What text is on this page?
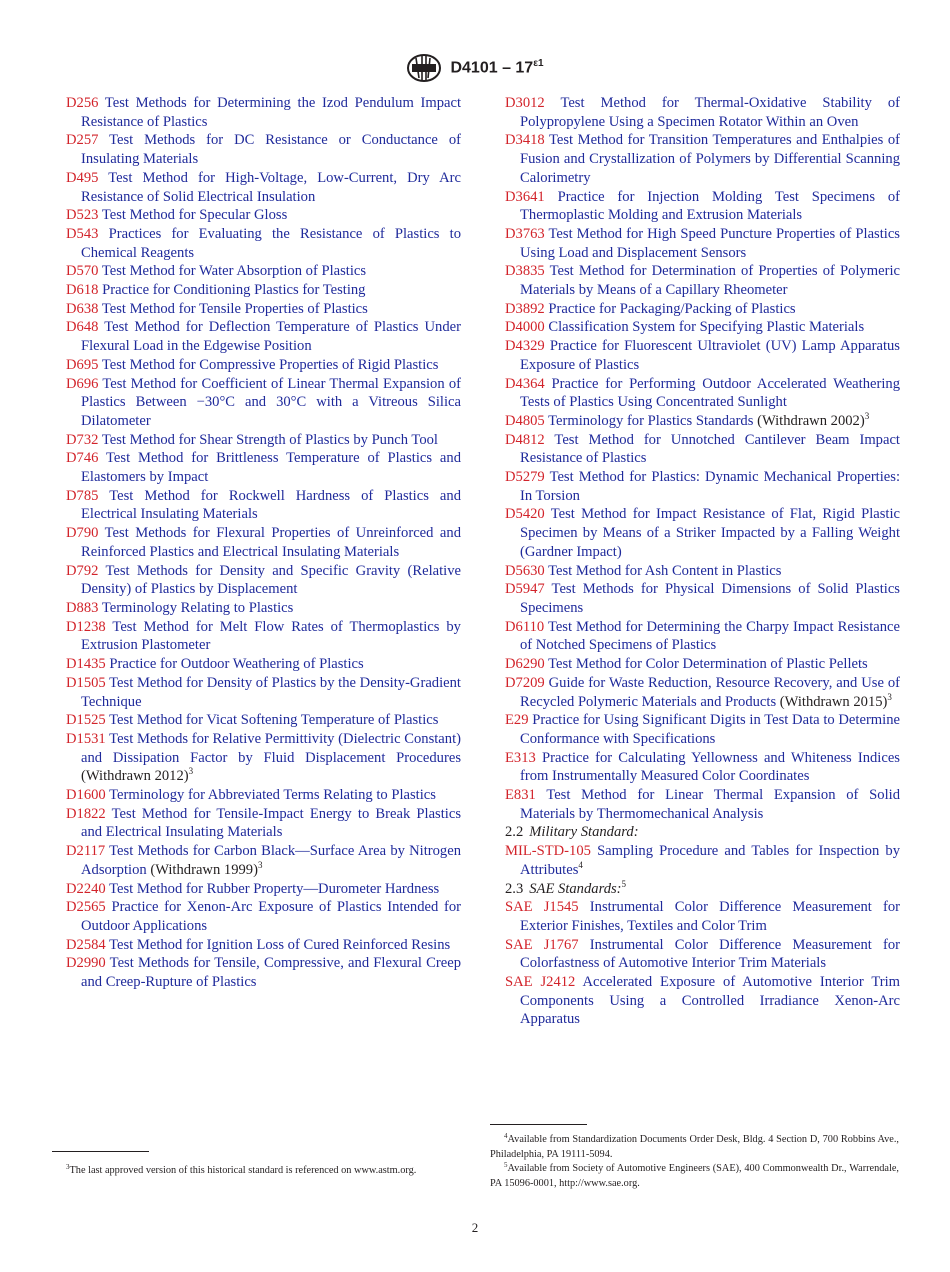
$D4101 - 17^{\varepsilon 1}$

D256 Test Methods for Determining the Izod Pendulum Impact Resistance of Plastics

D257 Test Methods for DC Resistance or Conductance of Insulating Materials

D495 Test Method for High-Voltage, Low-Current, Dry Arc Resistance of Solid Electrical Insulation

D523 Test Method for Specular Gloss

D543 Practices for Evaluating the Resistance of Plastics to Chemical Reagents

D570 Test Method for Water Absorption of Plastics

D618 Practice for Conditioning Plastics for Testing

D638 Test Method for Tensile Properties of Plastics

D648 Test Method for Deflection Temperature of Plastics Under Flexural Load in the Edgewise Position

D695 Test Method for Compressive Properties of Rigid Plastics

D696 Test Method for Coefficient of Linear Thermal Expansion of Plastics Between −30°C and 30°C with a Vitreous Silica Dilatometer

D732 Test Method for Shear Strength of Plastics by Punch Tool

D746 Test Method for Brittleness Temperature of Plastics and Elastomers by Impact

D785 Test Method for Rockwell Hardness of Plastics and Electrical Insulating Materials

D790 Test Methods for Flexural Properties of Unreinforced and Reinforced Plastics and Electrical Insulating Materials

D792 Test Methods for Density and Specific Gravity (Relative Density) of Plastics by Displacement

D883 Terminology Relating to Plastics

D1238 Test Method for Melt Flow Rates of Thermoplastics by Extrusion Plastometer

D1435 Practice for Outdoor Weathering of Plastics

D1505 Test Method for Density of Plastics by the Density-Gradient Technique

D1525 Test Method for Vicat Softening Temperature of Plastics

D1531 Test Methods for Relative Permittivity (Dielectric Constant) and Dissipation Factor by Fluid Displacement Procedures (Withdrawn 2012)$^3$

D1600 Terminology for Abbreviated Terms Relating to Plastics

D1822 Test Method for Tensile-Impact Energy to Break Plastics and Electrical Insulating Materials

D2117 Test Methods for Carbon Black—Surface Area by Nitrogen Adsorption (Withdrawn 1999)$^3$

D2240 Test Method for Rubber Property—Durometer Hardness

D2565 Practice for Xenon-Arc Exposure of Plastics Intended for Outdoor Applications

D2584 Test Method for Ignition Loss of Cured Reinforced Resins

D2990 Test Methods for Tensile, Compressive, and Flexural Creep and Creep-Rupture of Plastics

D3012 Test Method for Thermal-Oxidative Stability of Polypropylene Using a Specimen Rotator Within an Oven

D3418 Test Method for Transition Temperatures and Enthalpies of Fusion and Crystallization of Polymers by Differential Scanning Calorimetry

D3641 Practice for Injection Molding Test Specimens of Thermoplastic Molding and Extrusion Materials

D3763 Test Method for High Speed Puncture Properties of Plastics Using Load and Displacement Sensors

D3835 Test Method for Determination of Properties of Polymeric Materials by Means of a Capillary Rheometer

D3892 Practice for Packaging/Packing of Plastics

D4000 Classification System for Specifying Plastic Materials

D4329 Practice for Fluorescent Ultraviolet (UV) Lamp Apparatus Exposure of Plastics

D4364 Practice for Performing Outdoor Accelerated Weathering Tests of Plastics Using Concentrated Sunlight

D4805 Terminology for Plastics Standards (Withdrawn 2002)$^3$

D4812 Test Method for Unnotched Cantilever Beam Impact Resistance of Plastics

D5279 Test Method for Plastics: Dynamic Mechanical Properties: In Torsion

D5420 Test Method for Impact Resistance of Flat, Rigid Plastic Specimen by Means of a Striker Impacted by a Falling Weight (Gardner Impact)

D5630 Test Method for Ash Content in Plastics

D5947 Test Methods for Physical Dimensions of Solid Plastics Specimens

D6110 Test Method for Determining the Charpy Impact Resistance of Notched Specimens of Plastics

D6290 Test Method for Color Determination of Plastic Pellets

D7209 Guide for Waste Reduction, Resource Recovery, and Use of Recycled Polymeric Materials and Products (Withdrawn 2015)$^3$

E29 Practice for Using Significant Digits in Test Data to Determine Conformance with Specifications

E313 Practice for Calculating Yellowness and Whiteness Indices from Instrumentally Measured Color Coordinates

E831 Test Method for Linear Thermal Expansion of Solid Materials by Thermomechanical Analysis

2.2 Military Standard:

MIL-STD-105 Sampling Procedure and Tables for Inspection by Attributes$^4$

2.3 SAE Standards:$^5$

SAE J1545 Instrumental Color Difference Measurement for Exterior Finishes, Textiles and Color Trim

SAE J1767 Instrumental Color Difference Measurement for Colorfastness of Automotive Interior Trim Materials

SAE J2412 Accelerated Exposure of Automotive Interior Trim Components Using a Controlled Irradiance Xenon-Arc Apparatus

$^3$The last approved version of this historical standard is referenced on www.astm.org.
$^4$Available from Standardization Documents Order Desk, Bldg. 4 Section D, 700 Robbins Ave., Philadelphia, PA 19111-5094.
$^5$Available from Society of Automotive Engineers (SAE), 400 Commonwealth Dr., Warrendale, PA 15096-0001, http://www.sae.org.
2
